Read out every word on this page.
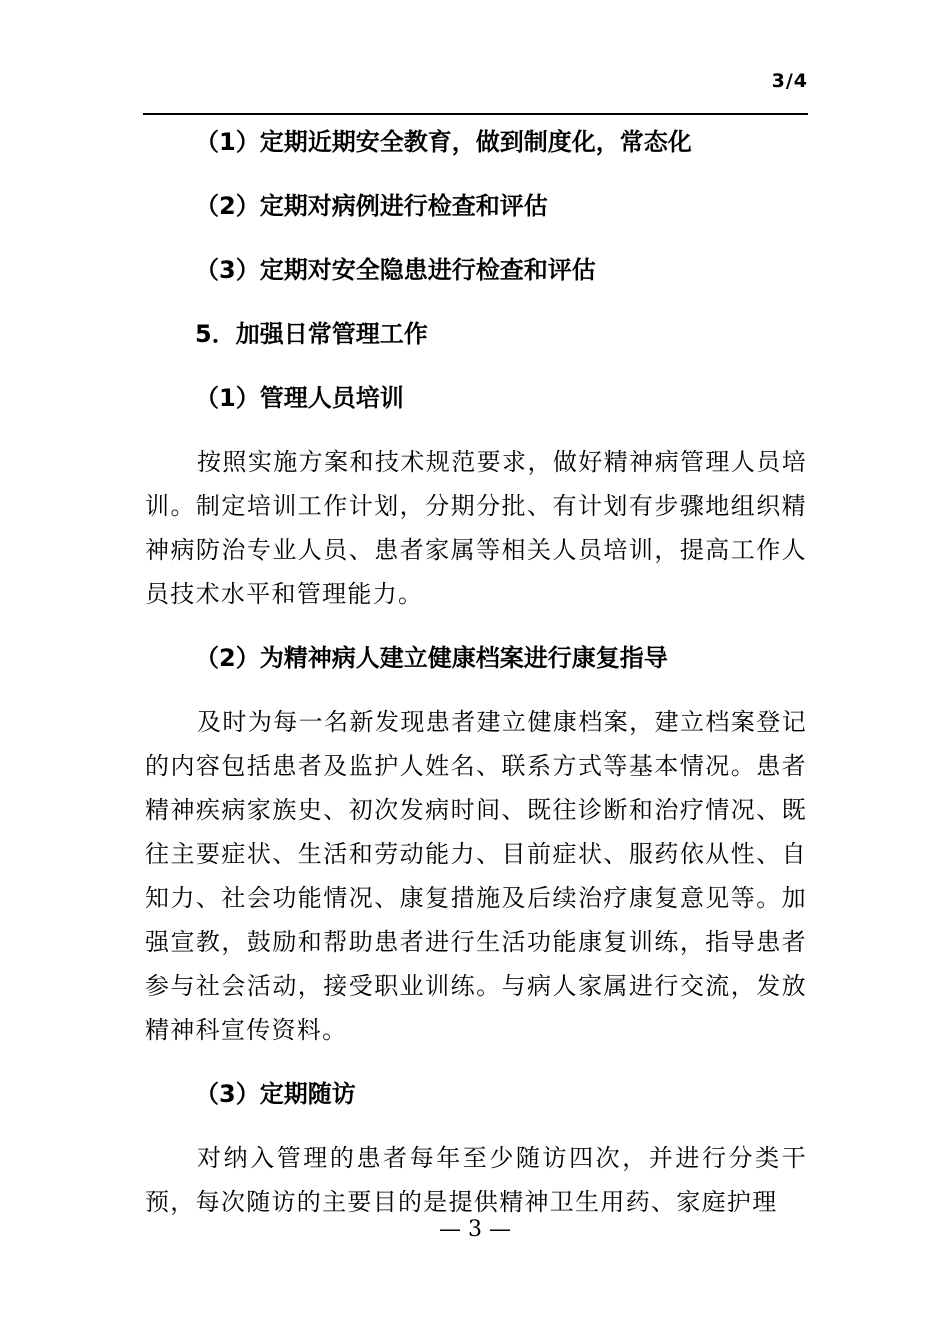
3/4

（1）定期近期安全教育，做到制度化，常态化

（2）定期对病例进行检查和评估

（3）定期对安全隐患进行检查和评估

5．加强日常管理工作

（1）管理人员培训

按照实施方案和技术规范要求，做好精神病管理人员培训。制定培训工作计划，分期分批、有计划有步骤地组织精神病防治专业人员、患者家属等相关人员培训，提高工作人员技术水平和管理能力。

（2）为精神病人建立健康档案进行康复指导

及时为每一名新发现患者建立健康档案，建立档案登记的内容包括患者及监护人姓名、联系方式等基本情况。患者精神疾病家族史、初次发病时间、既往诊断和治疗情况、既往主要症状、生活和劳动能力、目前症状、服药依从性、自知力、社会功能情况、康复措施及后续治疗康复意见等。加强宣教，鼓励和帮助患者进行生活功能康复训练，指导患者参与社会活动，接受职业训练。与病人家属进行交流，发放精神科宣传资料。

（3）定期随访

对纳入管理的患者每年至少随访四次，并进行分类干预，每次随访的主要目的是提供精神卫生用药、家庭护理

— 3 —
